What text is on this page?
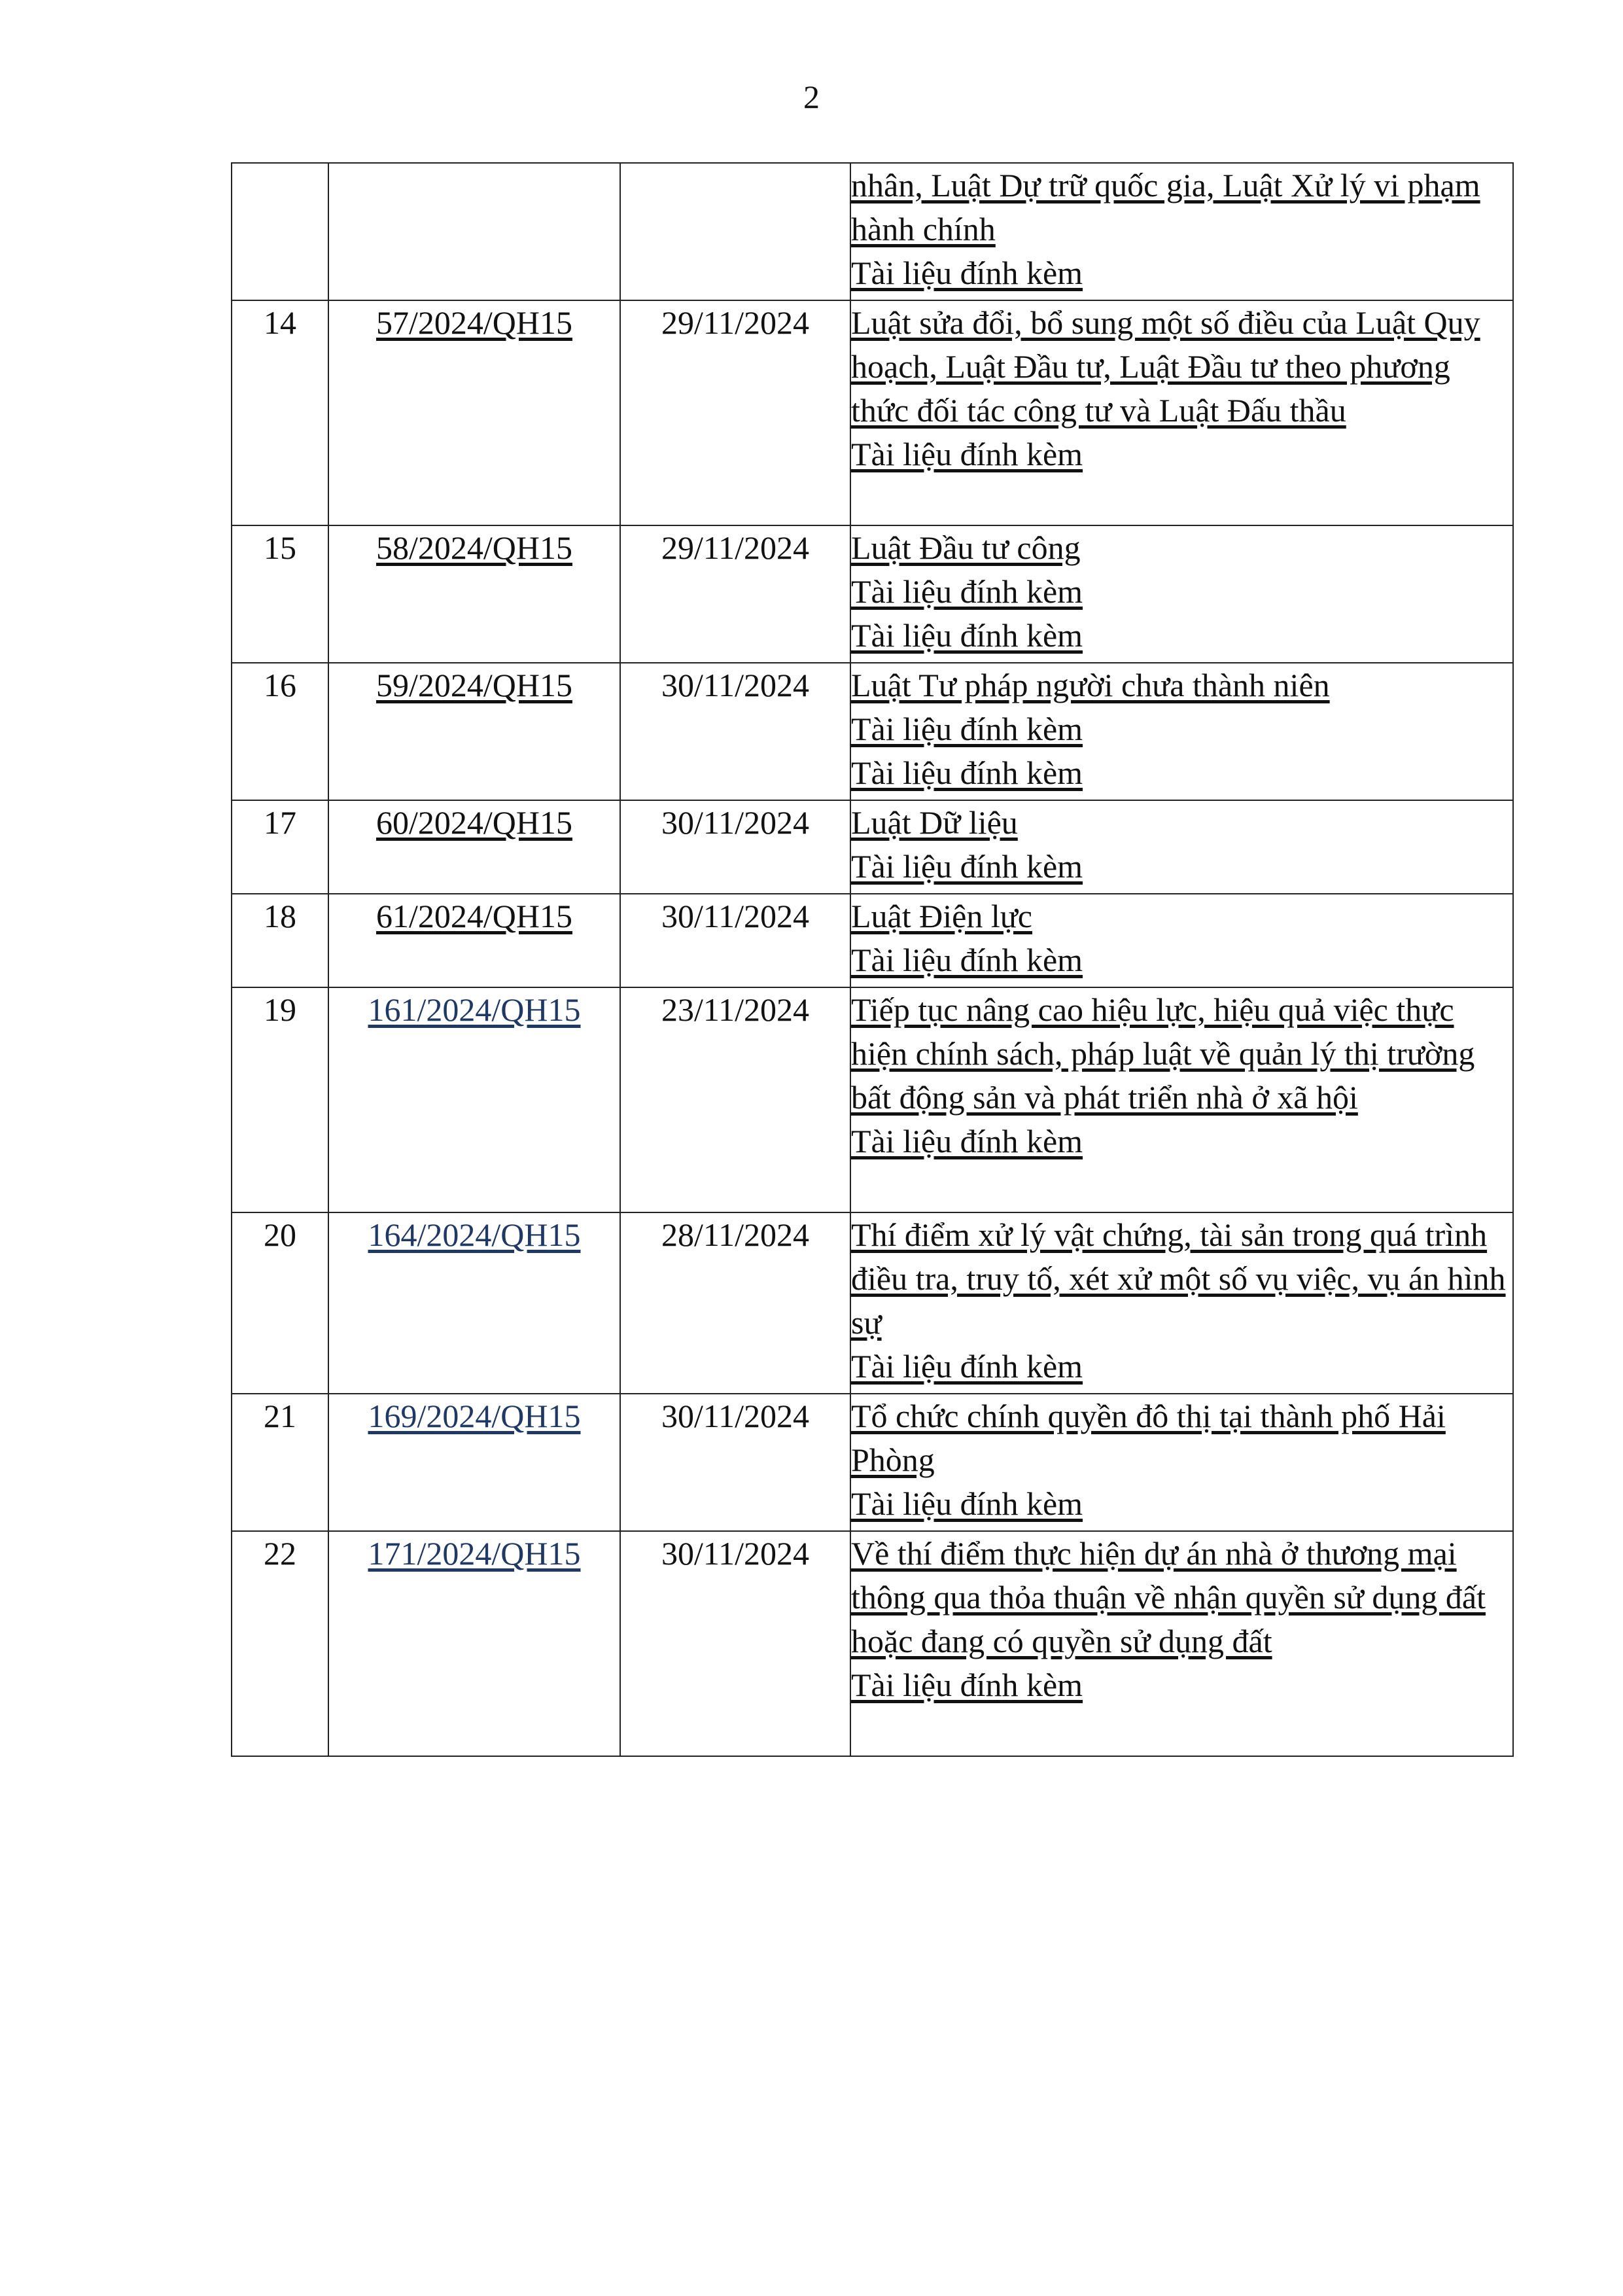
2

			nhân, Luật Dự trữ quốc gia, Luật Xử lý vi phạm hành chính
Tài liệu đính kèm

14	57/2024/QH15	29/11/2024	Luật sửa đổi, bổ sung một số điều của Luật Quy hoạch, Luật Đầu tư, Luật Đầu tư theo phương thức đối tác công tư và Luật Đấu thầu
Tài liệu đính kèm

15	58/2024/QH15	29/11/2024	Luật Đầu tư công
Tài liệu đính kèm
Tài liệu đính kèm

16	59/2024/QH15	30/11/2024	Luật Tư pháp người chưa thành niên
Tài liệu đính kèm
Tài liệu đính kèm

17	60/2024/QH15	30/11/2024	Luật Dữ liệu
Tài liệu đính kèm

18	61/2024/QH15	30/11/2024	Luật Điện lực
Tài liệu đính kèm

19	161/2024/QH15	23/11/2024	Tiếp tục nâng cao hiệu lực, hiệu quả việc thực hiện chính sách, pháp luật về quản lý thị trường bất động sản và phát triển nhà ở xã hội
Tài liệu đính kèm

20	164/2024/QH15	28/11/2024	Thí điểm xử lý vật chứng, tài sản trong quá trình điều tra, truy tố, xét xử một số vụ việc, vụ án hình sự
Tài liệu đính kèm

21	169/2024/QH15	30/11/2024	Tổ chức chính quyền đô thị tại thành phố Hải Phòng
Tài liệu đính kèm

22	171/2024/QH15	30/11/2024	Về thí điểm thực hiện dự án nhà ở thương mại thông qua thỏa thuận về nhận quyền sử dụng đất hoặc đang có quyền sử dụng đất
Tài liệu đính kèm
